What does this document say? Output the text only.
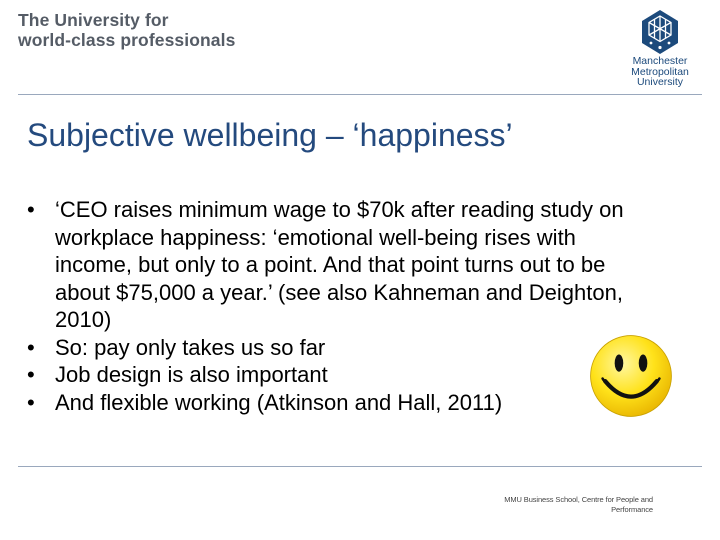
The University for
world-class professionals
Manchester
Metropolitan
University
Subjective wellbeing – ‘happiness’
• ‘CEO raises minimum wage to $70k after reading study on workplace happiness: ‘emotional well-being rises with income, but only to a point. And that point turns out to be about $75,000 a year.’ (see also Kahneman and Deighton, 2010)
• So: pay only takes us so far
• Job design is also important
• And flexible working (Atkinson and Hall, 2011)
MMU Business School, Centre for People and
Performance
